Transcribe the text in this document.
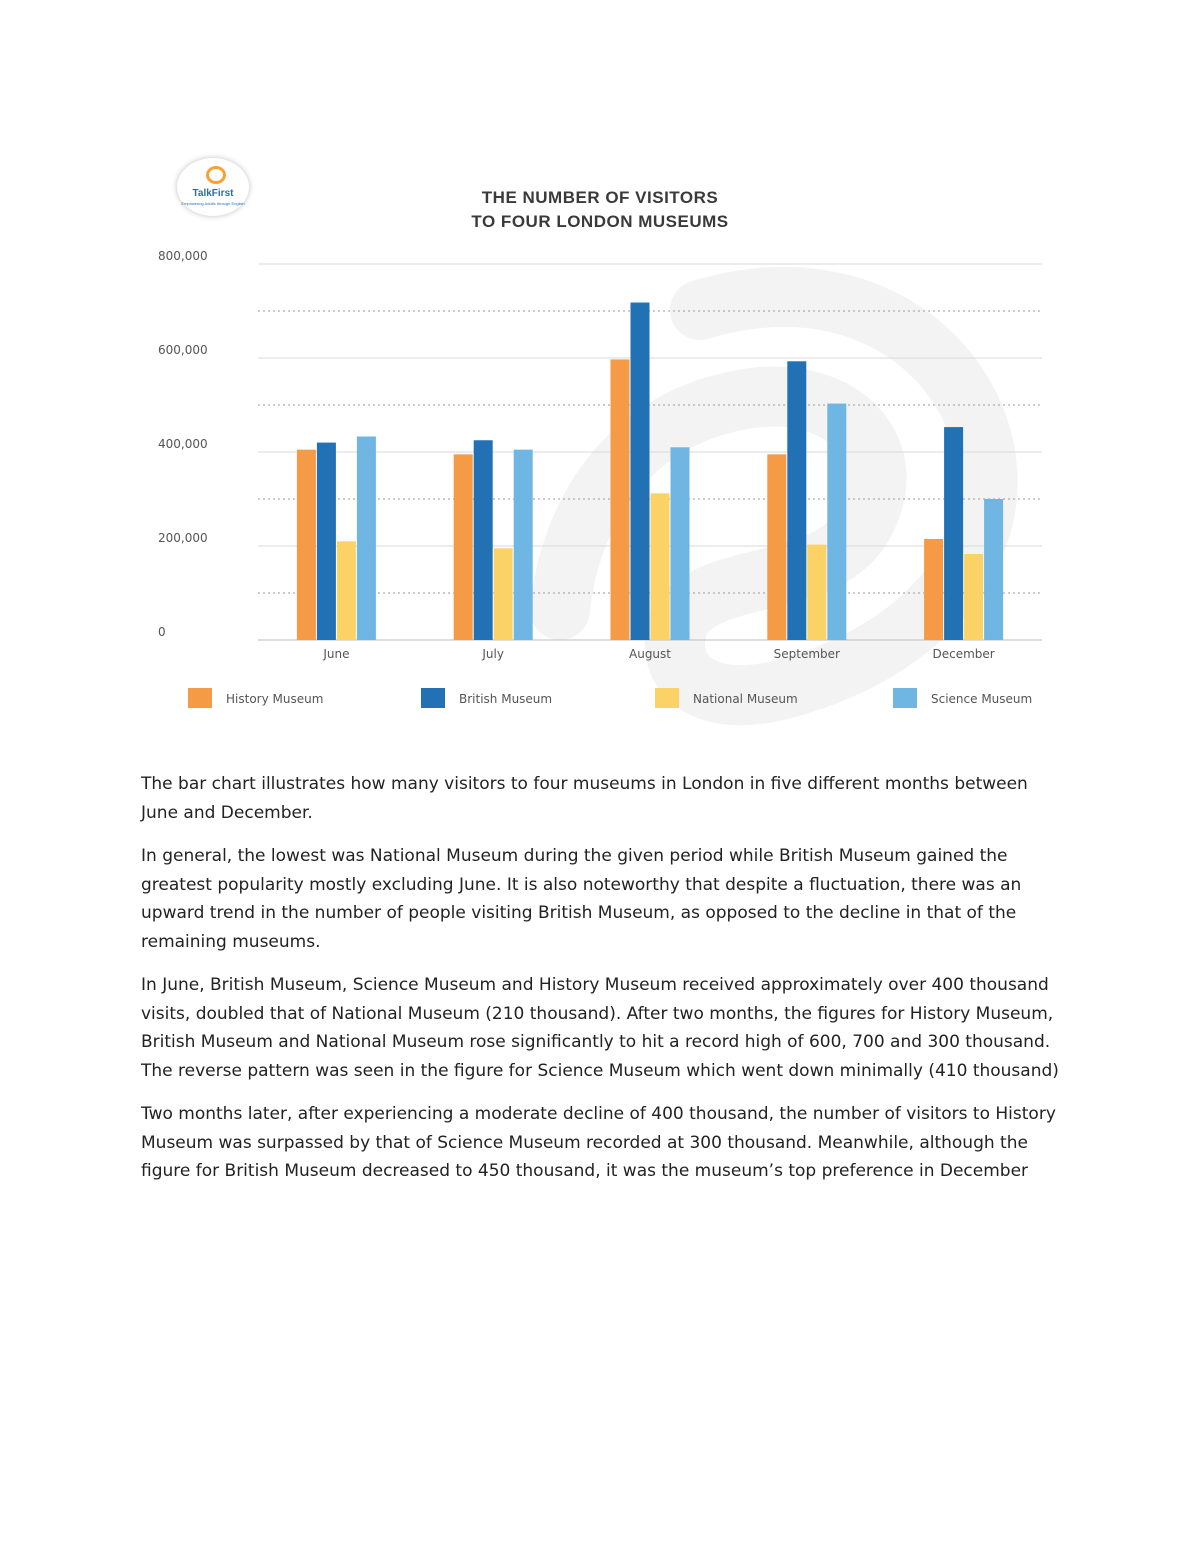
TalkFirst
Empowering Adults through English	THE NUMBER OF VISITORS
TO FOUR LONDON MUSEUMS
0
200,000
400,000
600,000
800,000
June	July	August	September	December
History Museum	British Museum	National Museum	Science Museum

The bar chart illustrates how many visitors to four museums in London in five different months between June and December.

In general, the lowest was National Museum during the given period while British Museum gained the greatest popularity mostly excluding June. It is also noteworthy that despite a fluctuation, there was an upward trend in the number of people visiting British Museum, as opposed to the decline in that of the remaining museums.

In June, British Museum, Science Museum and History Museum received approximately over 400 thousand visits, doubled that of National Museum (210 thousand). After two months, the figures for History Museum, British Museum and National Museum rose significantly to hit a record high of 600, 700 and 300 thousand. The reverse pattern was seen in the figure for Science Museum which went down minimally (410 thousand)

Two months later, after experiencing a moderate decline of 400 thousand, the number of visitors to History Museum was surpassed by that of Science Museum recorded at 300 thousand. Meanwhile, although the figure for British Museum decreased to 450 thousand, it was the museum’s top preference in December
